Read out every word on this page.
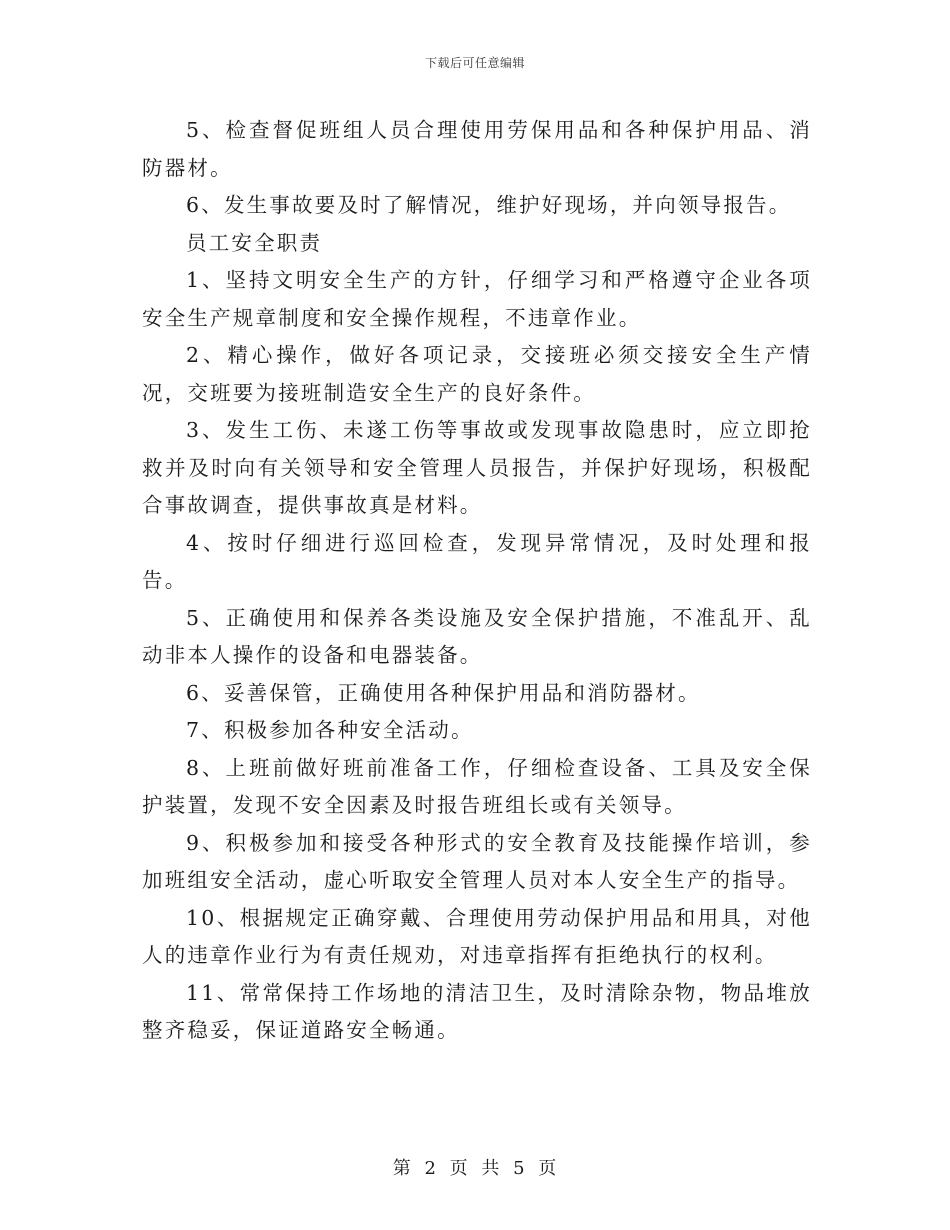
下载后可任意编辑

5、检查督促班组人员合理使用劳保用品和各种保护用品、消防器材。

6、发生事故要及时了解情况，维护好现场，并向领导报告。

员工安全职责

1、坚持文明安全生产的方针，仔细学习和严格遵守企业各项安全生产规章制度和安全操作规程，不违章作业。

2、精心操作，做好各项记录，交接班必须交接安全生产情况，交班要为接班制造安全生产的良好条件。

3、发生工伤、未遂工伤等事故或发现事故隐患时，应立即抢救并及时向有关领导和安全管理人员报告，并保护好现场，积极配合事故调查，提供事故真是材料。

4、按时仔细进行巡回检查，发现异常情况，及时处理和报告。

5、正确使用和保养各类设施及安全保护措施，不准乱开、乱动非本人操作的设备和电器装备。

6、妥善保管，正确使用各种保护用品和消防器材。

7、积极参加各种安全活动。

8、上班前做好班前准备工作，仔细检查设备、工具及安全保护装置，发现不安全因素及时报告班组长或有关领导。

9、积极参加和接受各种形式的安全教育及技能操作培训，参加班组安全活动，虚心听取安全管理人员对本人安全生产的指导。

10、根据规定正确穿戴、合理使用劳动保护用品和用具，对他人的违章作业行为有责任规劝，对违章指挥有拒绝执行的权利。

11、常常保持工作场地的清洁卫生，及时清除杂物，物品堆放整齐稳妥，保证道路安全畅通。

第 2 页 共 5 页
